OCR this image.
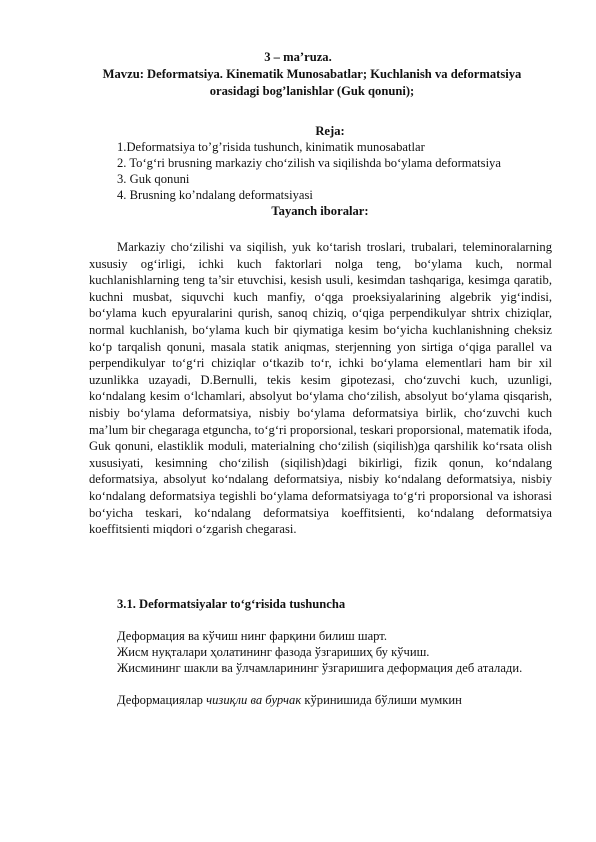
3 – ma’ruza.
Mavzu: Deformatsiya. Kinematik Munosabatlar; Kuchlanish va deformatsiya orasidagi bog’lanishlar (Guk qonuni);
Reja:
1.Deformatsiya to’g’risida tushunch, kinimatik munosabatlar
2. To‘g‘ri brusning markaziy cho‘zilish va siqilishda bo‘ylama deformatsiya
3. Guk qonuni
4. Brusning ko’ndalang deformatsiyasi
Tayanch iboralar:

Markaziy cho‘zilishi va siqilish, yuk ko‘tarish troslari, trubalari, teleminoralarning xususiy og‘irligi, ichki kuch faktorlari nolga teng, bo‘ylama kuch, normal kuchlanishlarning teng ta’sir etuvchisi, kesish usuli, kesimdan tashqariga, kesimga qaratib, kuchni musbat, siquvchi kuch manfiy, o‘qga proeksiyalarining algebrik yig‘indisi, bo‘ylama kuch epyuralarini qurish, sanoq chiziq, o‘qiga perpendikulyar shtrix chiziqlar, normal kuchlanish, bo‘ylama kuch bir qiymatiga kesim bo‘yicha kuchlanishning cheksiz ko‘p tarqalish qonuni, masala statik aniqmas, sterjenning yon sirtiga o‘qiga parallel va perpendikulyar to‘g‘ri chiziqlar o‘tkazib to‘r, ichki bo‘ylama elementlari ham bir xil uzunlikka uzayadi, D.Bernulli, tekis kesim gipotezasi, cho‘zuvchi kuch, uzunligi, ko‘ndalang kesim o‘lchamlari, absolyut bo‘ylama cho‘zilish, absolyut bo‘ylama qisqarish, nisbiy bo‘ylama deformatsiya, nisbiy bo‘ylama deformatsiya birlik, cho‘zuvchi kuch ma’lum bir chegaraga etguncha, to‘g‘ri proporsional, teskari proporsional, matematik ifoda, Guk qonuni, elastiklik moduli, materialning cho‘zilish (siqilish)ga qarshilik ko‘rsata olish xususiyati, kesimning cho‘zilish (siqilish)dagi bikirligi, fizik qonun, ko‘ndalang deformatsiya, absolyut ko‘ndalang deformatsiya, nisbiy ko‘ndalang deformatsiya, nisbiy ko‘ndalang deformatsiya tegishli bo‘ylama deformatsiyaga to‘g‘ri proporsional va ishorasi bo‘yicha teskari, ko‘ndalang deformatsiya koeffitsienti, ko‘ndalang deformatsiya koeffitsienti miqdori o‘zgarish chegarasi.

3.1. Deformatsiyalar to‘g‘risida tushuncha

Деформация ва кўчиш нинг фарқини билиш шарт.

Жисм нуқталари ҳолатининг фазода ўзгаришиҳ бу кўчиш.

Жисмининг шакли ва ўлчамларининг ўзгаришига деформация деб аталади.

Деформациялар чизиқли ва бурчак кўринишида бўлиши мумкин
